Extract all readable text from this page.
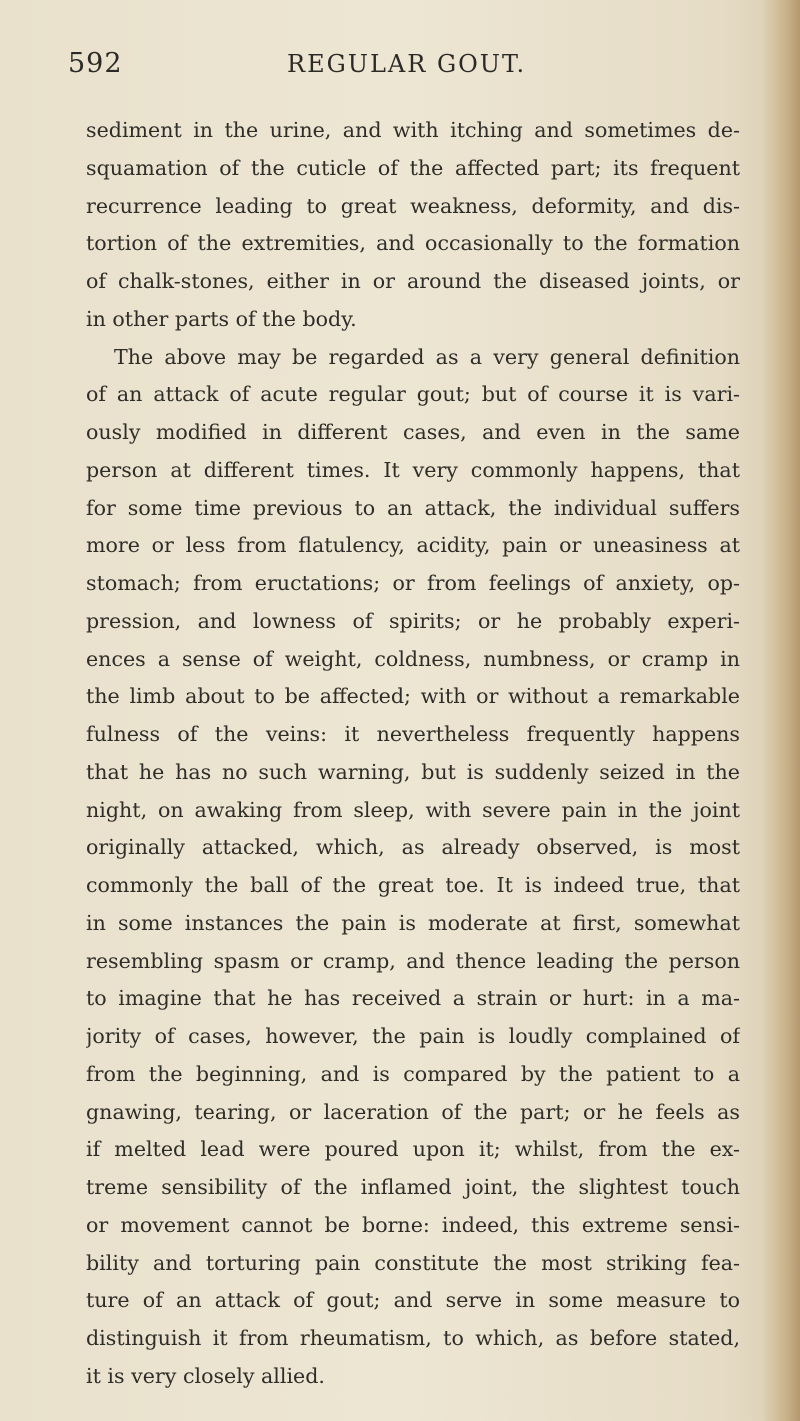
592	REGULAR GOUT.
sediment in the urine, and with itching and sometimes de-
squamation of the cuticle of the affected part; its frequent
recurrence leading to great weakness, deformity, and dis-
tortion of the extremities, and occasionally to the formation
of chalk-stones, either in or around the diseased joints, or
in other parts of the body.
The above may be regarded as a very general definition
of an attack of acute regular gout; but of course it is vari-
ously modified in different cases, and even in the same
person at different times. It very commonly happens, that
for some time previous to an attack, the individual suffers
more or less from flatulency, acidity, pain or uneasiness at
stomach; from eructations; or from feelings of anxiety, op-
pression, and lowness of spirits; or he probably experi-
ences a sense of weight, coldness, numbness, or cramp in
the limb about to be affected; with or without a remarkable
fulness of the veins: it nevertheless frequently happens
that he has no such warning, but is suddenly seized in the
night, on awaking from sleep, with severe pain in the joint
originally attacked, which, as already observed, is most
commonly the ball of the great toe. It is indeed true, that
in some instances the pain is moderate at first, somewhat
resembling spasm or cramp, and thence leading the person
to imagine that he has received a strain or hurt: in a ma-
jority of cases, however, the pain is loudly complained of
from the beginning, and is compared by the patient to a
gnawing, tearing, or laceration of the part; or he feels as
if melted lead were poured upon it; whilst, from the ex-
treme sensibility of the inflamed joint, the slightest touch
or movement cannot be borne: indeed, this extreme sensi-
bility and torturing pain constitute the most striking fea-
ture of an attack of gout; and serve in some measure to
distinguish it from rheumatism, to which, as before stated,
it is very closely allied.
